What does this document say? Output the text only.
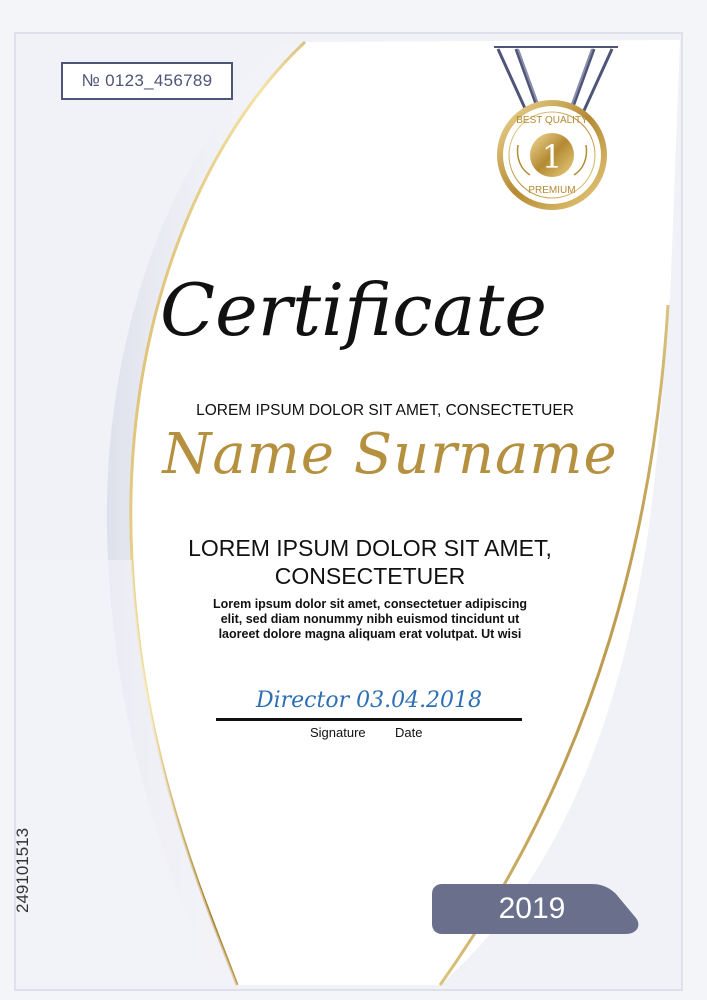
№ 0123_456789
1
BEST QUALITY
PREMIUM
Certificate
LOREM IPSUM DOLOR SIT AMET, CONSECTETUER
Name Surname
LOREM IPSUM DOLOR SIT AMET,
CONSECTETUER
Lorem ipsum dolor sit amet, consectetuer adipiscing
elit, sed diam nonummy nibh euismod tincidunt ut
laoreet dolore magna aliquam erat volutpat. Ut wisi
Director 03.04.2018
Signature Date
2019
249101513
